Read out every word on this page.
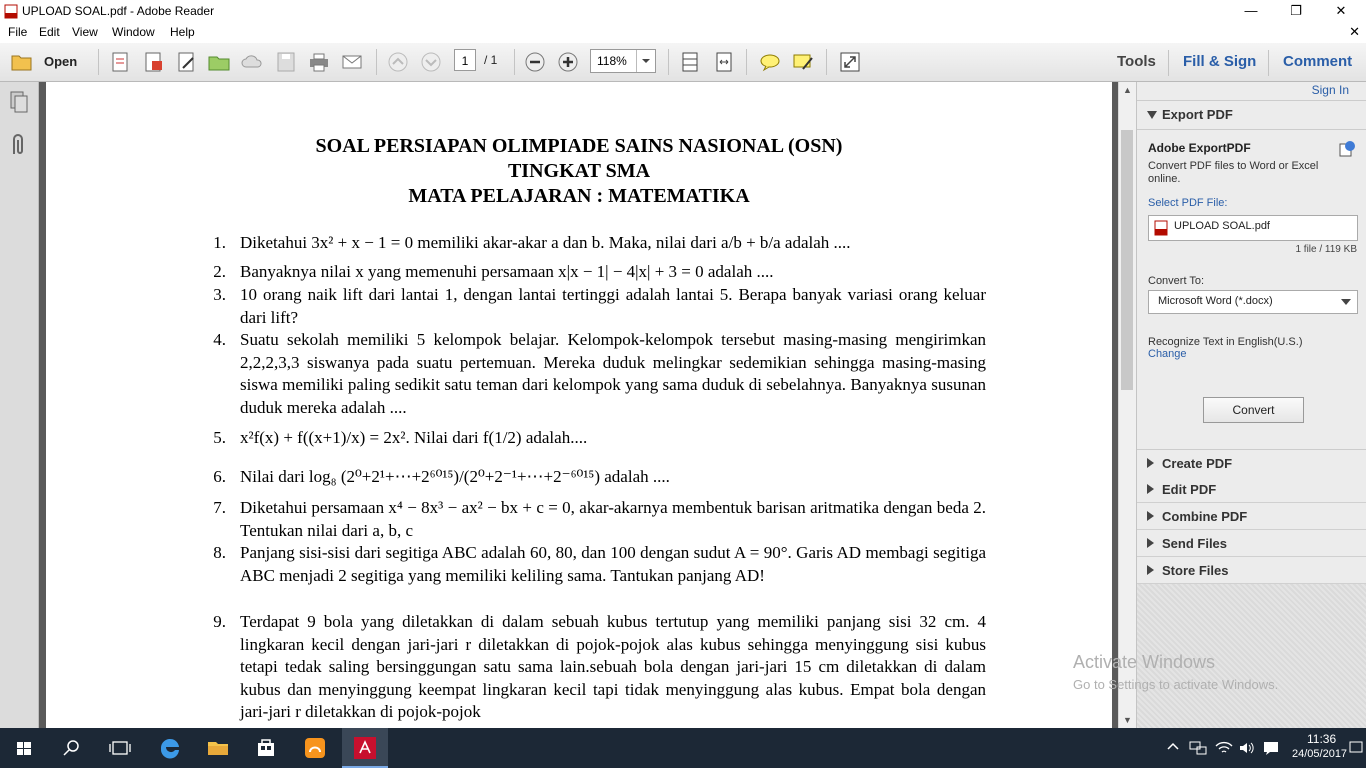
UPLOAD SOAL.pdf - Adobe Reader	—	❐	✕
File Edit View Window Help	✕
Open	1	/ 1	118%	Tools Fill & Sign Comment
SOAL PERSIAPAN OLIMPIADE SAINS NASIONAL (OSN)
TINGKAT SMA
MATA PELAJARAN : MATEMATIKA
1. Diketahui 3x² + x − 1 = 0 memiliki akar-akar a dan b. Maka, nilai dari a/b + b/a adalah ....
2. Banyaknya nilai x yang memenuhi persamaan x|x − 1| − 4|x| + 3 = 0 adalah ....
3. 10 orang naik lift dari lantai 1, dengan lantai tertinggi adalah lantai 5. Berapa banyak variasi orang keluar dari lift?
4. Suatu sekolah memiliki 5 kelompok belajar. Kelompok-kelompok tersebut masing-masing mengirimkan 2,2,2,3,3 siswanya pada suatu pertemuan. Mereka duduk melingkar sedemikian sehingga masing-masing siswa memiliki paling sedikit satu teman dari kelompok yang sama duduk di sebelahnya. Banyaknya susunan duduk mereka adalah ....
5. x²f(x) + f((x+1)/x) = 2x². Nilai dari f(1/2) adalah....
6. Nilai dari log₈ (2⁰+2¹+⋯+2⁶⁰¹⁵)/(2⁰+2⁻¹+⋯+2⁻⁶⁰¹⁵) adalah ....
7. Diketahui persamaan x⁴ − 8x³ − ax² − bx + c = 0, akar-akarnya membentuk barisan aritmatika dengan beda 2. Tentukan nilai dari a, b, c
8. Panjang sisi-sisi dari segitiga ABC adalah 60, 80, dan 100 dengan sudut A = 90°. Garis AD membagi segitiga ABC menjadi 2 segitiga yang memiliki keliling sama. Tantukan panjang AD!
9. Terdapat 9 bola yang diletakkan di dalam sebuah kubus tertutup yang memiliki panjang sisi 32 cm. 4 lingkaran kecil dengan jari-jari r diletakkan di pojok-pojok alas kubus sehingga menyinggung sisi kubus tetapi tedak saling bersinggungan satu sama lain.sebuah bola dengan jari-jari 15 cm diletakkan di dalam kubus dan menyinggung keempat lingkaran kecil tapi tidak menyinggung alas kubus. Empat bola dengan jari-jari r diletakkan di pojok-pojok
▲
▼
Sign In
Export PDF
Adobe ExportPDF
Convert PDF files to Word or Excel online.
Select PDF File:
UPLOAD SOAL.pdf
1 file / 119 KB
Convert To:
Microsoft Word (*.docx)
Recognize Text in English(U.S.)
Change
Convert
Create PDF
Edit PDF
Combine PDF
Send Files
Store Files
Activate Windows
Go to Settings to activate Windows.
11:36
24/05/2017
